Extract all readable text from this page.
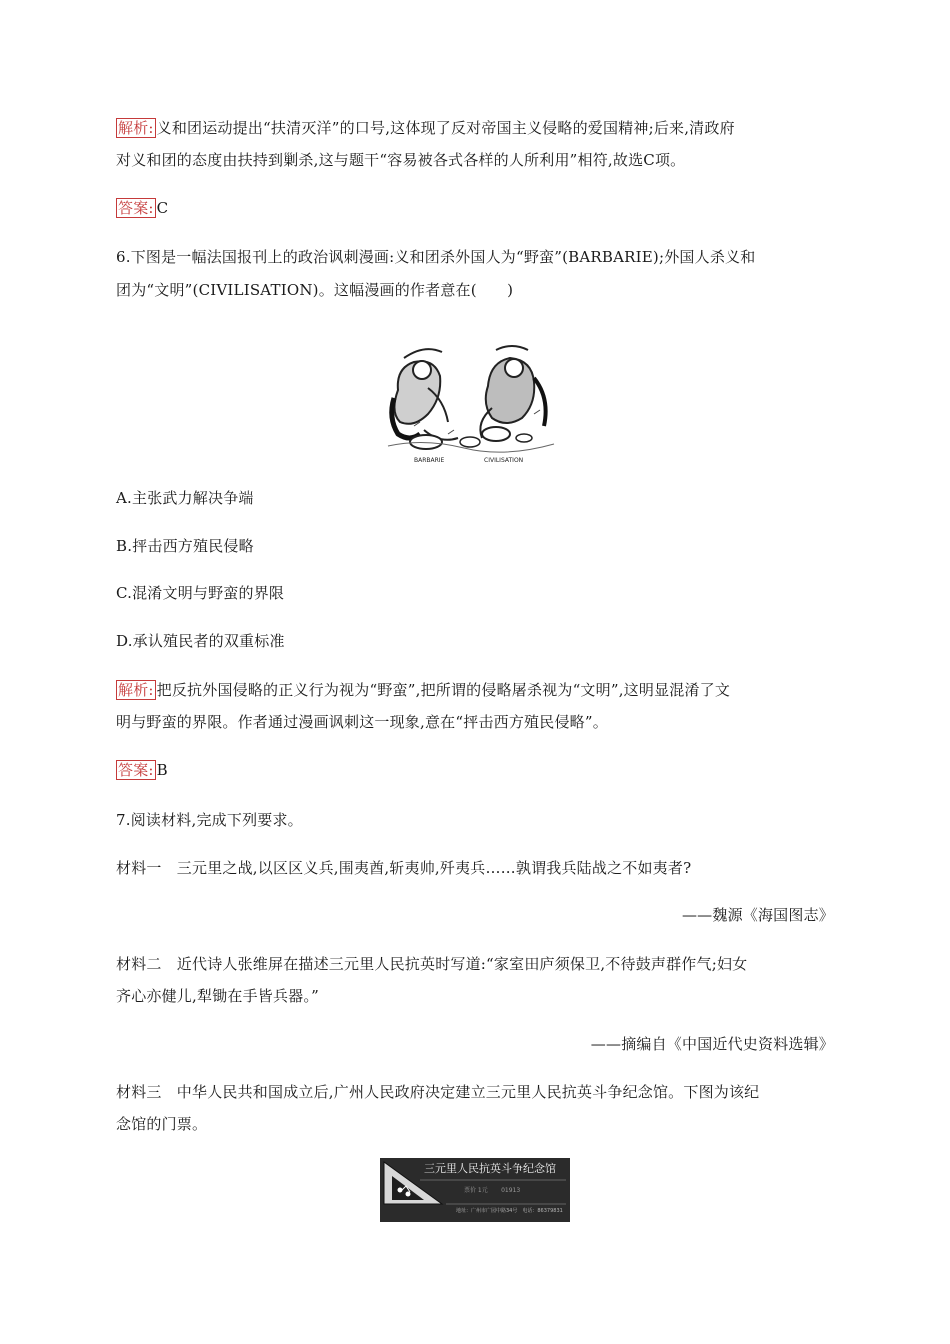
解析: 义和团运动提出“扶清灭洋”的口号,这体现了反对帝国主义侵略的爱国精神;后来,清政府
对义和团的态度由扶持到剿杀,这与题干“容易被各式各样的人所利用”相符,故选C项。
答案: C
6.下图是一幅法国报刊上的政治讽刺漫画:义和团杀外国人为“野蛮”(BARBARIE);外国人杀义和
团为“文明”(CIVILISATION)。这幅漫画的作者意在(　　)
BARBARIE	CIVILISATION
A.主张武力解决争端
B.抨击西方殖民侵略
C.混淆文明与野蛮的界限
D.承认殖民者的双重标准
解析: 把反抗外国侵略的正义行为视为“野蛮”,把所谓的侵略屠杀视为“文明”,这明显混淆了文
明与野蛮的界限。作者通过漫画讽刺这一现象,意在“抨击西方殖民侵略”。
答案: B
7.阅读材料,完成下列要求。
材料一　三元里之战,以区区义兵,围夷酋,斩夷帅,歼夷兵……孰谓我兵陆战之不如夷者?
——魏源《海国图志》
材料二　近代诗人张维屏在描述三元里人民抗英时写道:“家室田庐须保卫,不待鼓声群作气;妇女
齐心亦健儿,犁锄在手皆兵器。”
——摘编自《中国近代史资料选辑》
材料三　中华人民共和国成立后,广州人民政府决定建立三元里人民抗英斗争纪念馆。下图为该纪
念馆的门票。
三元里人民抗英斗争纪念馆
票价 1元 01913
地址：广州市广园中路34号　电话：86379831
